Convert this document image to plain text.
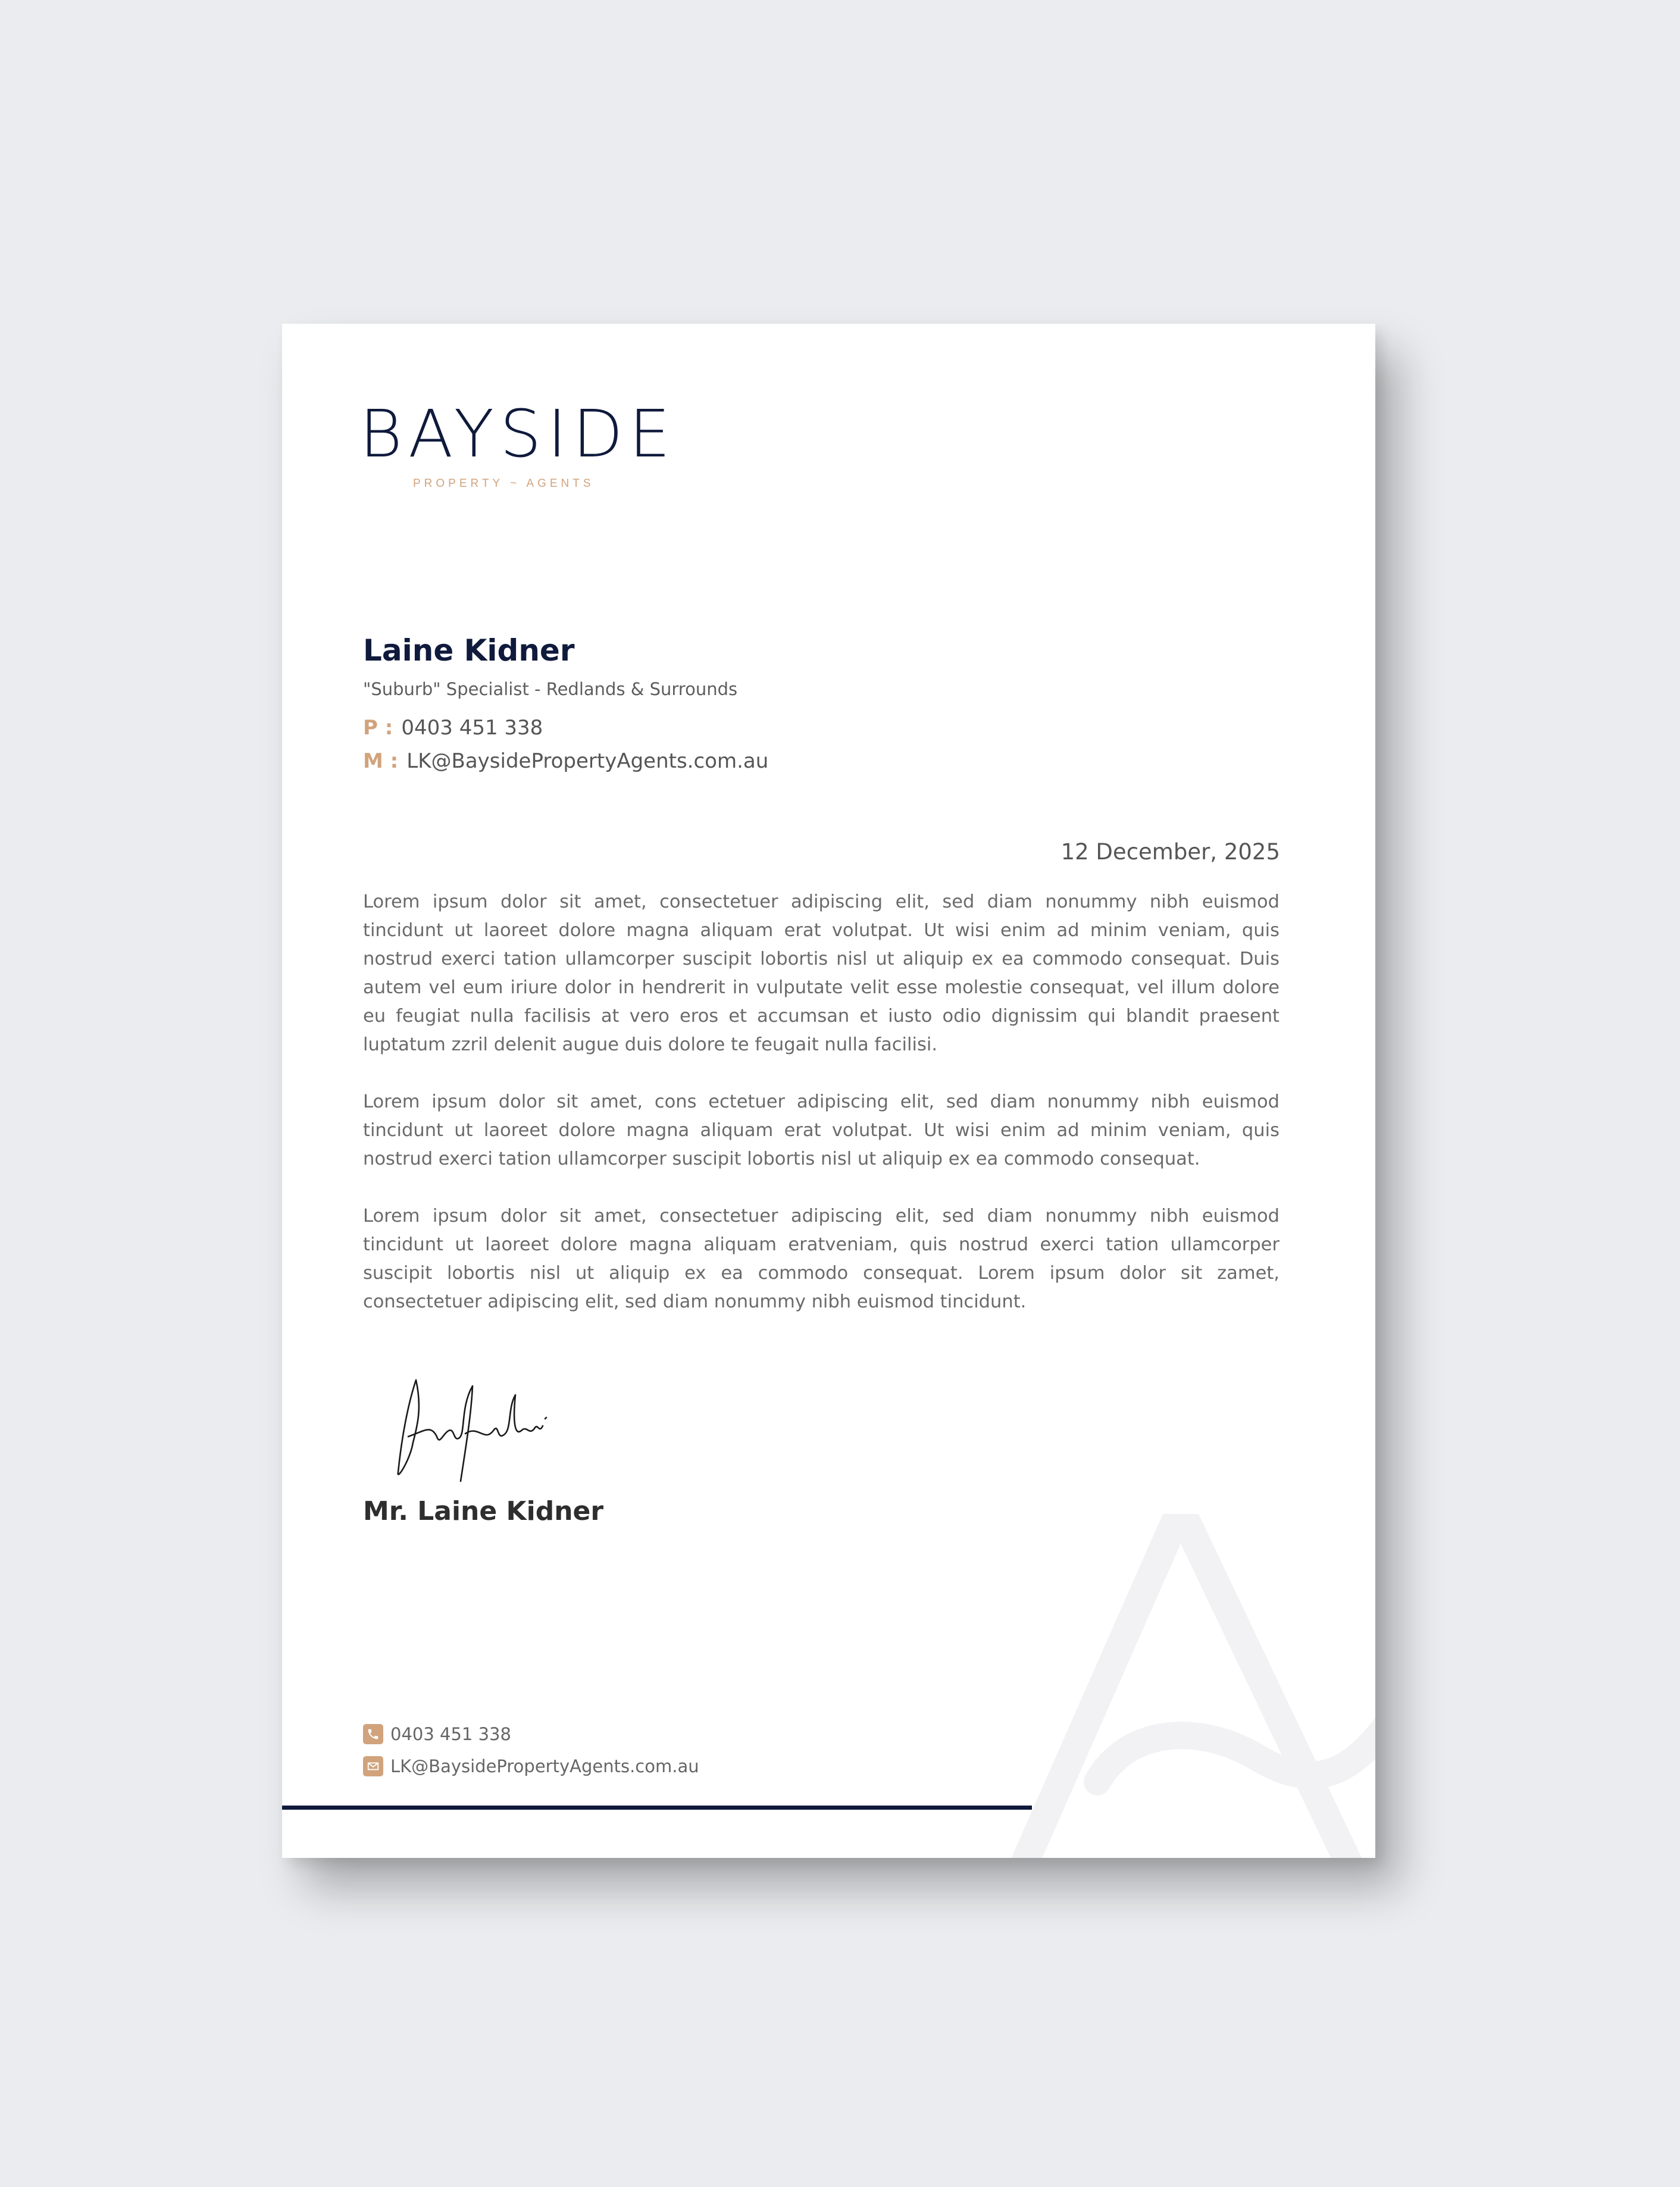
BAYSIDE
PROPERTY ~ AGENTS
Laine Kidner
"Suburb" Specialist - Redlands & Surrounds
P : 0403 451 338
M : LK@BaysidePropertyAgents.com.au
12 December, 2025

Lorem ipsum dolor sit amet, consectetuer adipiscing elit, sed diam nonummy nibh euismod tincidunt ut laoreet dolore magna aliquam erat volutpat. Ut wisi enim ad minim veniam, quis nostrud exerci tation ullamcorper suscipit lobortis nisl ut aliquip ex ea commodo consequat. Duis autem vel eum iriure dolor in hendrerit in vulputate velit esse molestie consequat, vel illum dolore eu feugiat nulla facilisis at vero eros et accumsan et iusto odio dignissim qui blandit praesent luptatum zzril delenit augue duis dolore te feugait nulla facilisi.

Lorem ipsum dolor sit amet, cons ectetuer adipiscing elit, sed diam nonummy nibh euismod tincidunt ut laoreet dolore magna aliquam erat volutpat. Ut wisi enim ad minim veniam, quis nostrud exerci tation ullamcorper suscipit lobortis nisl ut aliquip ex ea commodo consequat.

Lorem ipsum dolor sit amet, consectetuer adipiscing elit, sed diam nonummy nibh euismod tincidunt ut laoreet dolore magna aliquam eratveniam, quis nostrud exerci tation ullamcorper suscipit lobortis nisl ut aliquip ex ea commodo consequat. Lorem ipsum dolor sit zamet, consectetuer adipiscing elit, sed diam nonummy nibh euismod tincidunt.

Mr. Laine Kidner
0403 451 338
LK@BaysidePropertyAgents.com.au
